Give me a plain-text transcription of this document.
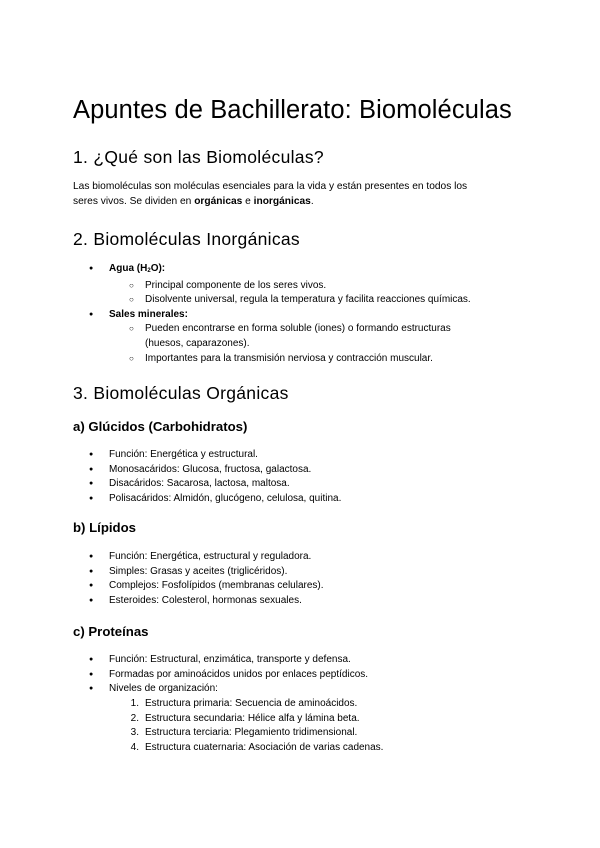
Apuntes de Bachillerato: Biomoléculas
1. ¿Qué son las Biomoléculas?

Las biomoléculas son moléculas esenciales para la vida y están presentes en todos los
seres vivos. Se dividen en orgánicas e inorgánicas.

2. Biomoléculas Inorgánicas
● Agua $(H_2O)$:
○ Principal componente de los seres vivos.
○ Disolvente universal, regula la temperatura y facilita reacciones químicas.
● Sales minerales:
○ Pueden encontrarse en forma soluble (iones) o formando estructuras
(huesos, caparazones).
○ Importantes para la transmisión nerviosa y contracción muscular.
3. Biomoléculas Orgánicas
a) Glúcidos (Carbohidratos)
● Función: Energética y estructural.
● Monosacáridos: Glucosa, fructosa, galactosa.
● Disacáridos: Sacarosa, lactosa, maltosa.
● Polisacáridos: Almidón, glucógeno, celulosa, quitina.
b) Lípidos
● Función: Energética, estructural y reguladora.
● Simples: Grasas y aceites (triglicéridos).
● Complejos: Fosfolípidos (membranas celulares).
● Esteroides: Colesterol, hormonas sexuales.
c) Proteínas
● Función: Estructural, enzimática, transporte y defensa.
● Formadas por aminoácidos unidos por enlaces peptídicos.
● Niveles de organización:
1. Estructura primaria: Secuencia de aminoácidos.
2. Estructura secundaria: Hélice alfa y lámina beta.
3. Estructura terciaria: Plegamiento tridimensional.
4. Estructura cuaternaria: Asociación de varias cadenas.
